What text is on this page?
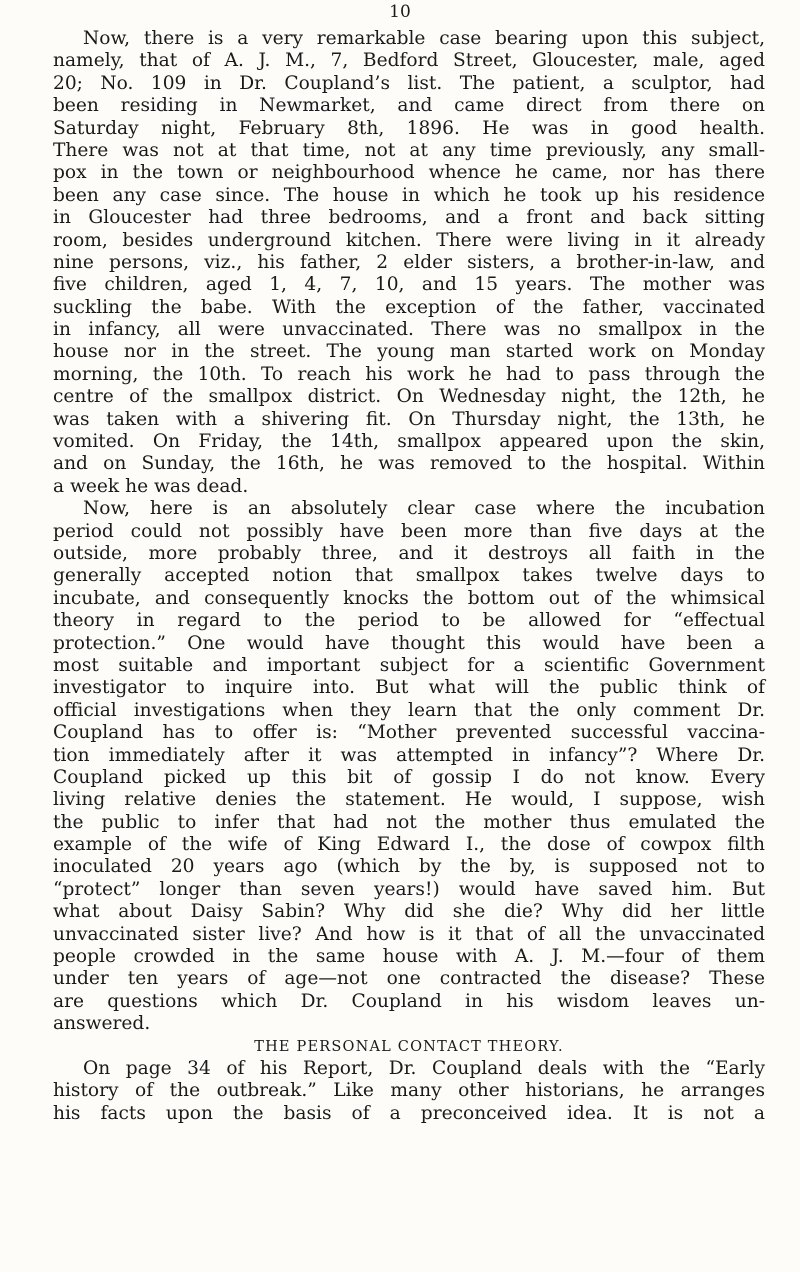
10
Now, there is a very remarkable case bearing upon this subject,
namely, that of A. J. M., 7, Bedford Street, Gloucester, male, aged
20; No. 109 in Dr. Coupland’s list. The patient, a sculptor, had
been residing in Newmarket, and came direct from there on
Saturday night, February 8th, 1896. He was in good health.
There was not at that time, not at any time previously, any small-
pox in the town or neighbourhood whence he came, nor has there
been any case since. The house in which he took up his residence
in Gloucester had three bedrooms, and a front and back sitting
room, besides underground kitchen. There were living in it already
nine persons, viz., his father, 2 elder sisters, a brother-in-law, and
five children, aged 1, 4, 7, 10, and 15 years. The mother was
suckling the babe. With the exception of the father, vaccinated
in infancy, all were unvaccinated. There was no smallpox in the
house nor in the street. The young man started work on Monday
morning, the 10th. To reach his work he had to pass through the
centre of the smallpox district. On Wednesday night, the 12th, he
was taken with a shivering fit. On Thursday night, the 13th, he
vomited. On Friday, the 14th, smallpox appeared upon the skin,
and on Sunday, the 16th, he was removed to the hospital. Within
a week he was dead.
Now, here is an absolutely clear case where the incubation
period could not possibly have been more than five days at the
outside, more probably three, and it destroys all faith in the
generally accepted notion that smallpox takes twelve days to
incubate, and consequently knocks the bottom out of the whimsical
theory in regard to the period to be allowed for “effectual
protection.” One would have thought this would have been a
most suitable and important subject for a scientific Government
investigator to inquire into. But what will the public think of
official investigations when they learn that the only comment Dr.
Coupland has to offer is: “Mother prevented successful vaccina-
tion immediately after it was attempted in infancy”? Where Dr.
Coupland picked up this bit of gossip I do not know. Every
living relative denies the statement. He would, I suppose, wish
the public to infer that had not the mother thus emulated the
example of the wife of King Edward I., the dose of cowpox filth
inoculated 20 years ago (which by the by, is supposed not to
“protect” longer than seven years!) would have saved him. But
what about Daisy Sabin? Why did she die? Why did her little
unvaccinated sister live? And how is it that of all the unvaccinated
people crowded in the same house with A. J. M.—four of them
under ten years of age—not one contracted the disease? These
are questions which Dr. Coupland in his wisdom leaves un-
answered.
THE PERSONAL CONTACT THEORY.
On page 34 of his Report, Dr. Coupland deals with the “Early
history of the outbreak.” Like many other historians, he arranges
his facts upon the basis of a preconceived idea. It is not a
